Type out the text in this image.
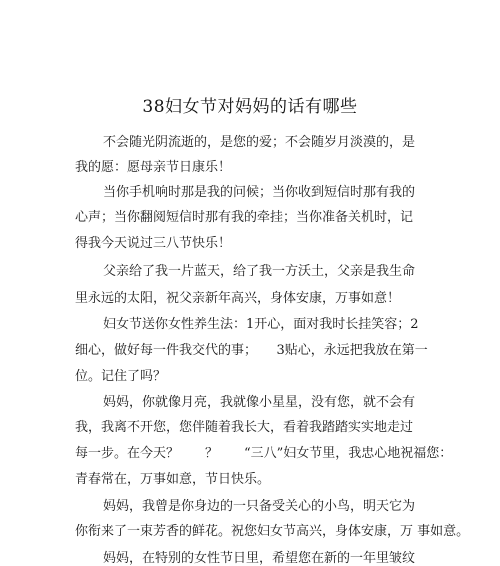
38妇女节对妈妈的话有哪些
不会随光阴流逝的，是您的爱；不会随岁月淡漠的，是
我的愿：愿母亲节日康乐！
当你手机响时那是我的问候；当你收到短信时那有我的
心声；当你翻阅短信时那有我的牵挂；当你准备关机时，记
得我今天说过三八节快乐！
父亲给了我一片蓝天，给了我一方沃土，父亲是我生命
里永远的太阳，祝父亲新年高兴，身体安康，万事如意！
妇女节送你女性养生法：1开心，面对我时长挂笑容；2
细心，做好每一件我交代的事；　　3贴心，永远把我放在第一
位。记住了吗？
妈妈，你就像月亮，我就像小星星，没有您，就不会有
我，我离不开您，您伴随着我长大，看着我踏踏实实地走过
每一步。在今天？　　？　　“三八”妇女节里，我忠心地祝福您：
青春常在，万事如意，节日快乐。
妈妈，我曾是你身边的一只备受关心的小鸟，明天它为
你衔来了一束芳香的鲜花。祝您妇女节高兴，身体安康，万 事如意。
妈妈，在特别的女性节日里，希望您在新的一年里皱纹
